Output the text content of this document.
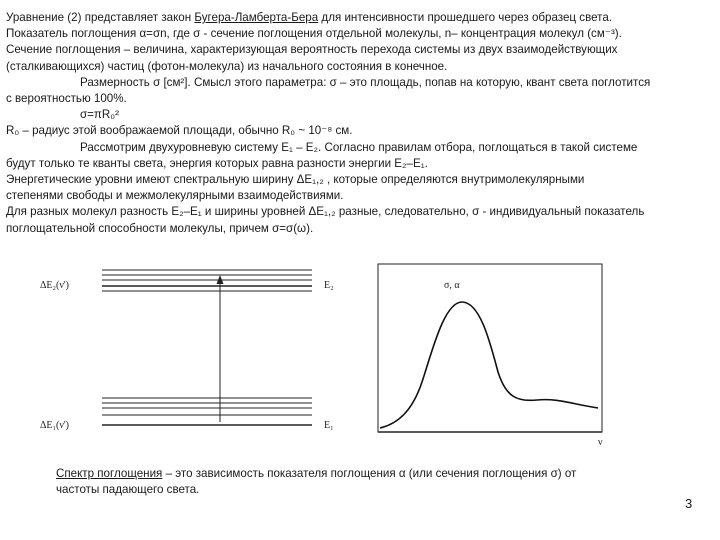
Уравнение (2) представляет закон Бугера-Ламберта-Бера для интенсивности прошедшего через образец света.

Показатель поглощения α=σn, где σ - сечение поглощения отдельной молекулы, n– концентрация молекул (см⁻³).

Сечение поглощения – величина, характеризующая вероятность перехода системы из двух взаимодействующих

(сталкивающихся) частиц (фотон-молекула) из начального состояния в конечное.

Размерность σ [см²]. Смысл этого параметра: σ – это площадь, попав на которую, квант света поглотится

с вероятностью 100%.

σ=πR₀²

R₀ – радиус этой воображаемой площади, обычно R₀ ~ 10⁻⁸ см.

Рассмотрим двухуровневую систему E₁ – E₂. Согласно правилам отбора, поглощаться в такой системе

будут только те кванты света, энергия которых равна разности энергии E₂–E₁.

Энергетические уровни имеют спектральную ширину ΔE₁,₂ , которые определяются внутримолекулярными

степенями свободы и межмолекулярными взаимодействиями.

Для разных молекул разность E₂–E₁ и ширины уровней ΔE₁,₂ разные, следовательно, σ - индивидуальный показатель

поглощательной способности молекулы, причем σ=σ(ω).

ΔE₂(ν')	E₂
ΔE₁(ν')	E₁
σ, α
ν

Спектр поглощения – это зависимость показателя поглощения α (или сечения поглощения σ) от

частоты падающего света.

3
